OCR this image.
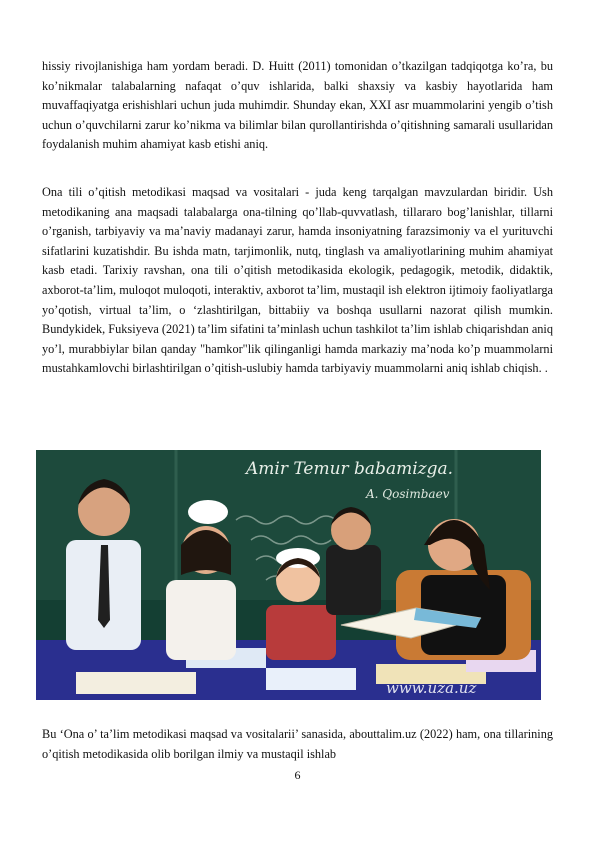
hissiy rivojlanishiga ham yordam beradi. D. Huitt (2011) tomonidan o’tkazilgan tadqiqotga ko’ra, bu ko’nikmalar talabalarning nafaqat o’quv ishlarida, balki shaxsiy va kasbiy hayotlarida ham muvaffaqiyatga erishishlari uchun juda muhimdir. Shunday ekan, XXI asr muammolarini yengib o’tish uchun o’quvchilarni zarur ko’nikma va bilimlar bilan qurollantirishda o’qitishning samarali usullaridan foydalanish muhim ahamiyat kasb etishi aniq.

Ona tili o’qitish metodikasi maqsad va vositalari - juda keng tarqalgan mavzulardan biridir. Ush metodikaning ana maqsadi talabalarga ona-tilning qo’llab-quvvatlash, tillararo bog’lanishlar, tillarni o’rganish, tarbiyaviy va ma’naviy madanayi zarur, hamda insoniyatning farazsimoniy va el yurituvchi sifatlarini kuzatishdir. Bu ishda matn, tarjimonlik, nutq, tinglash va amaliyotlarining muhim ahamiyat kasb etadi. Tarixiy ravshan, ona tili o’qitish metodikasida ekologik, pedagogik, metodik, didaktik, axborot-ta’lim, muloqot muloqoti, interaktiv, axborot ta’lim, mustaqil ish elektron ijtimoiy faoliyatlarga yo’qotish, virtual ta’lim, o ‘zlashtirilgan, bittabiiy va boshqa usullarni nazorat qilish mumkin. Bundykidek, Fuksiyeva (2021) ta’lim sifatini ta’minlash uchun tashkilot ta’lim ishlab chiqarishdan aniq yo’l, murabbiylar bilan qanday "hamkor"lik qilinganligi hamda markaziy ma’noda ko’p muammolarni mustahkamlovchi birlashtirilgan o’qitish-uslubiy hamda tarbiyaviy muammolarni aniq ishlab chiqish. .

Amir Temur babamizga.
A. Qosimbaev
www.uza.uz

Bu ‘Ona o’ ta’lim metodikasi maqsad va vositalarii’ sanasida, abouttalim.uz (2022) ham, ona tillarining o’qitish metodikasida olib borilgan ilmiy va mustaqil ishlab

6
